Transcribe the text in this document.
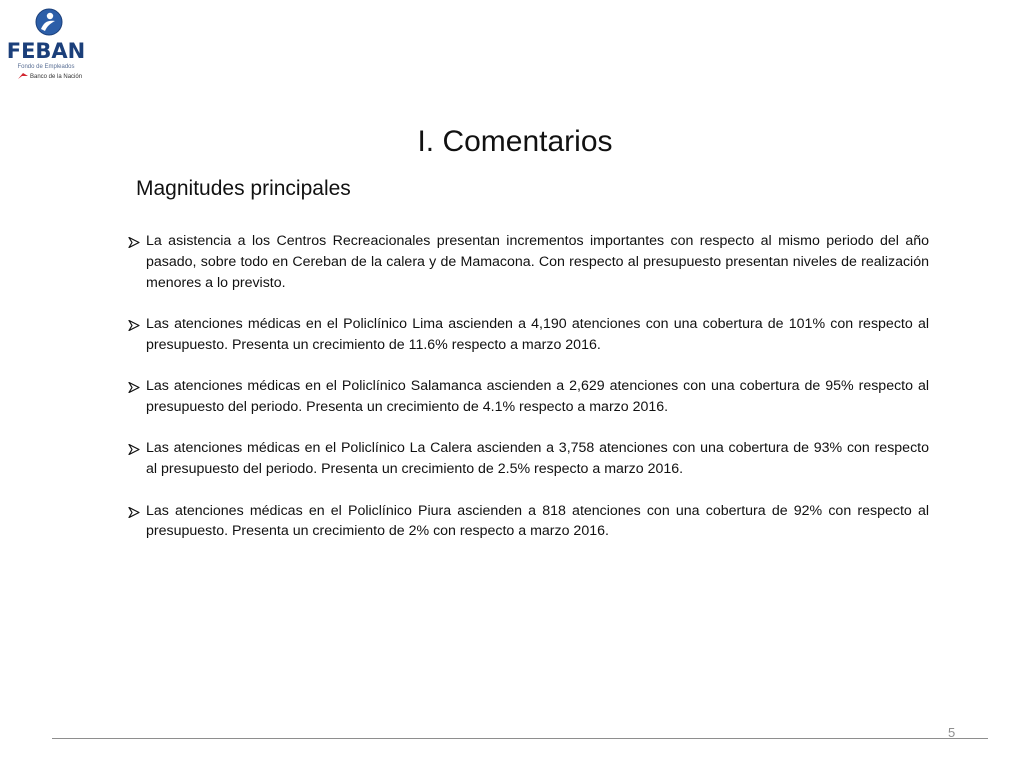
FEBAN
Fondo de Empleados
Banco de la Nación
I. Comentarios
Magnitudes principales
La asistencia a los Centros Recreacionales presentan incrementos importantes con respecto al mismo periodo del año pasado, sobre todo en Cereban de la calera y de Mamacona. Con respecto al presupuesto presentan niveles de realización menores a lo previsto.
Las atenciones médicas en el Policlínico Lima ascienden a 4,190 atenciones con una cobertura de 101% con respecto al presupuesto. Presenta un crecimiento de 11.6% respecto a marzo 2016.
Las atenciones médicas en el Policlínico Salamanca ascienden a 2,629 atenciones con una cobertura de 95% respecto al presupuesto del periodo. Presenta un crecimiento de 4.1% respecto a marzo 2016.
Las atenciones médicas en el Policlínico La Calera ascienden a 3,758 atenciones con una cobertura de 93% con respecto al presupuesto del periodo. Presenta un crecimiento de 2.5% respecto a marzo 2016.
Las atenciones médicas en el Policlínico Piura ascienden a 818 atenciones con una cobertura de 92% con respecto al presupuesto. Presenta un crecimiento de 2% con respecto a marzo 2016.
5
